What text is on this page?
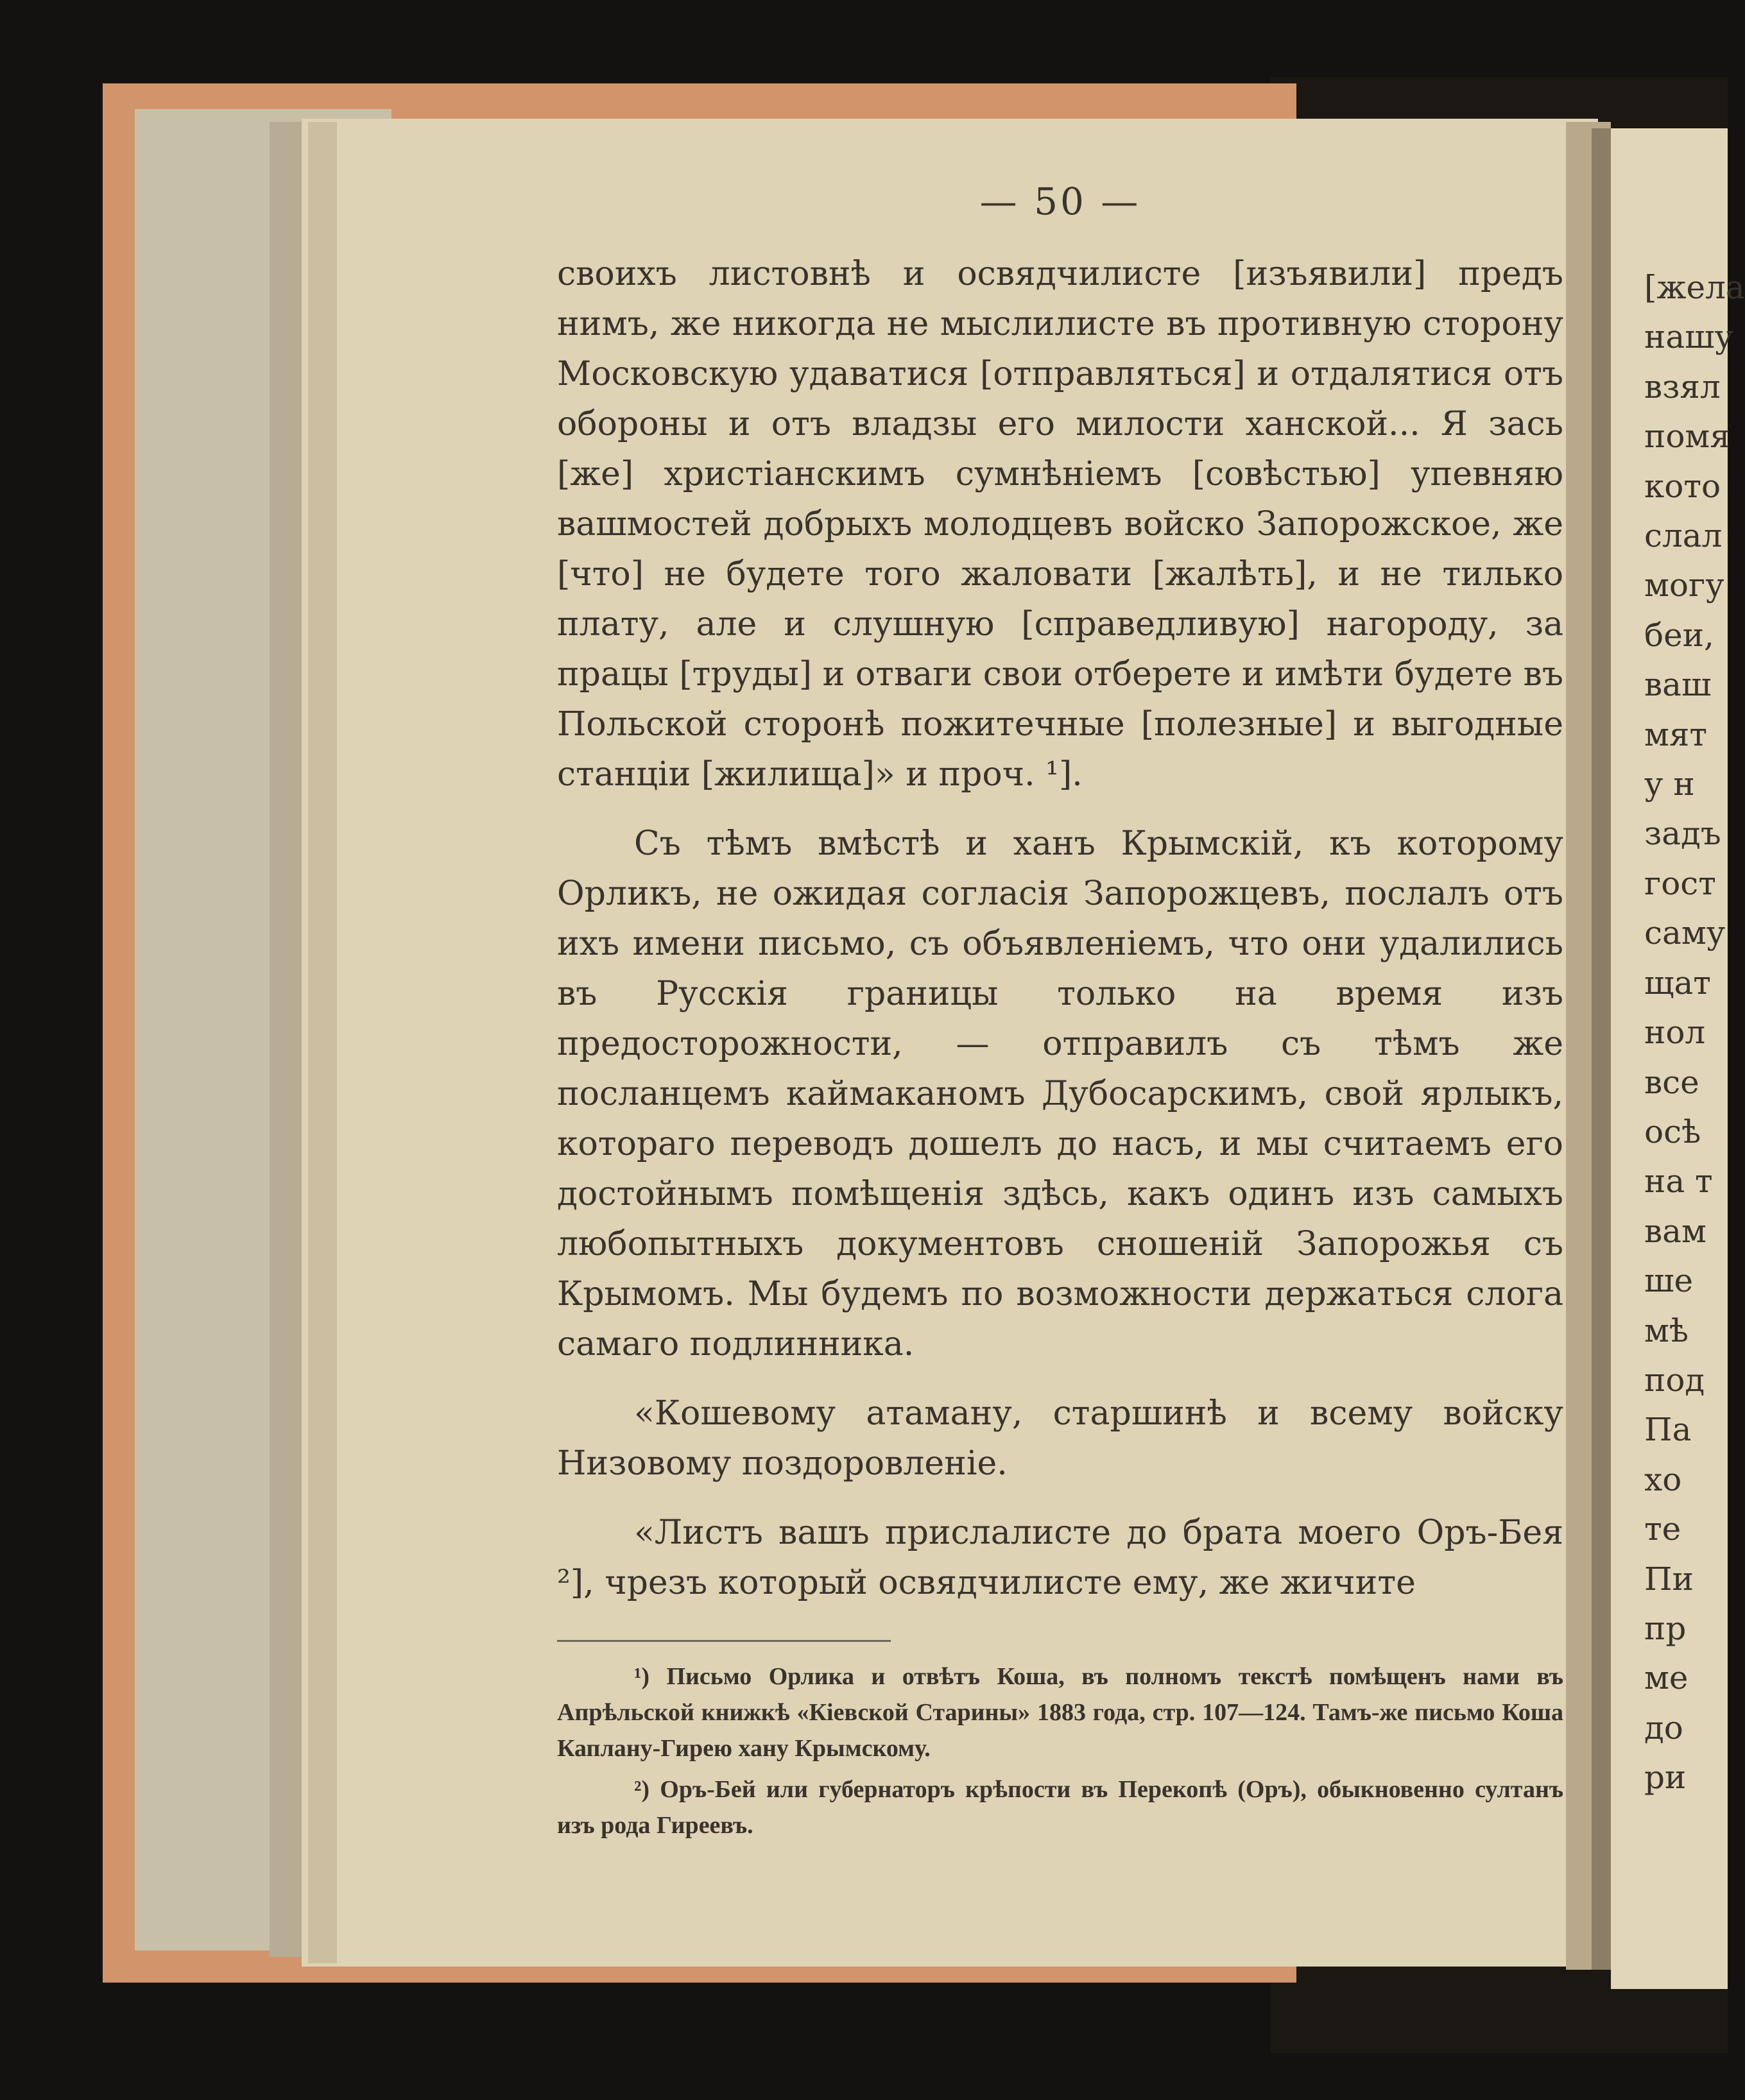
— 50 —

своихъ листовнѣ и освядчилисте [изъявили] предъ нимъ, же никогда не мыслилисте въ противную сторону Московскую удаватися [отправляться] и отдалятися отъ обороны и отъ владзы его милости ханской... Я зась [же] христіанскимъ сумнѣніемъ [совѣстью] упевняю вашмостей добрыхъ молодцевъ войско Запорожское, же [что] не будете того жаловати [жалѣть], и не тилько плату, але и слушную [справедливую] нагороду, за працы [труды] и отваги свои отберете и имѣти будете въ Польской сторонѣ пожитечные [полезные] и выгодные станціи [жилища]» и проч. ¹].

Съ тѣмъ вмѣстѣ и ханъ Крымскій, къ которому Орликъ, не ожидая согласія Запорожцевъ, послалъ отъ ихъ имени письмо, съ объявленіемъ, что они удалились въ Русскія границы только на время изъ предосторожности, — отправилъ съ тѣмъ же посланцемъ каймаканомъ Дубосарскимъ, свой ярлыкъ, котораго переводъ дошелъ до насъ, и мы считаемъ его достойнымъ помѣщенія здѣсь, какъ одинъ изъ самыхъ любопытныхъ документовъ сношеній Запорожья съ Крымомъ. Мы будемъ по возможности держаться слога самаго подлинника.

«Кошевому атаману, старшинѣ и всему войску Низовому поздоровленіе.

«Листъ вашъ прислалисте до брата моего Оръ-Бея ²], чрезъ который освядчилисте ему, же жичите

¹) Письмо Орлика и отвѣтъ Коша, въ полномъ текстѣ помѣщенъ нами въ Апрѣльской книжкѣ «Кіевской Старины» 1883 года, стр. 107—124. Тамъ-же письмо Коша Каплану-Гирею хану Крымскому.

²) Оръ-Бей или губернаторъ крѣпости въ Перекопѣ (Оръ), обыкновенно султанъ изъ рода Гиреевъ.

[жела
нашу
взял
помя
кото
слал
могу
беи,
ваш
мят
у н
задъ
гост
саму
щат
нол
все
осѣ
на т
вам
ше
мѣ
под
Па
хо
те
Пи
пр
ме
до
ри
